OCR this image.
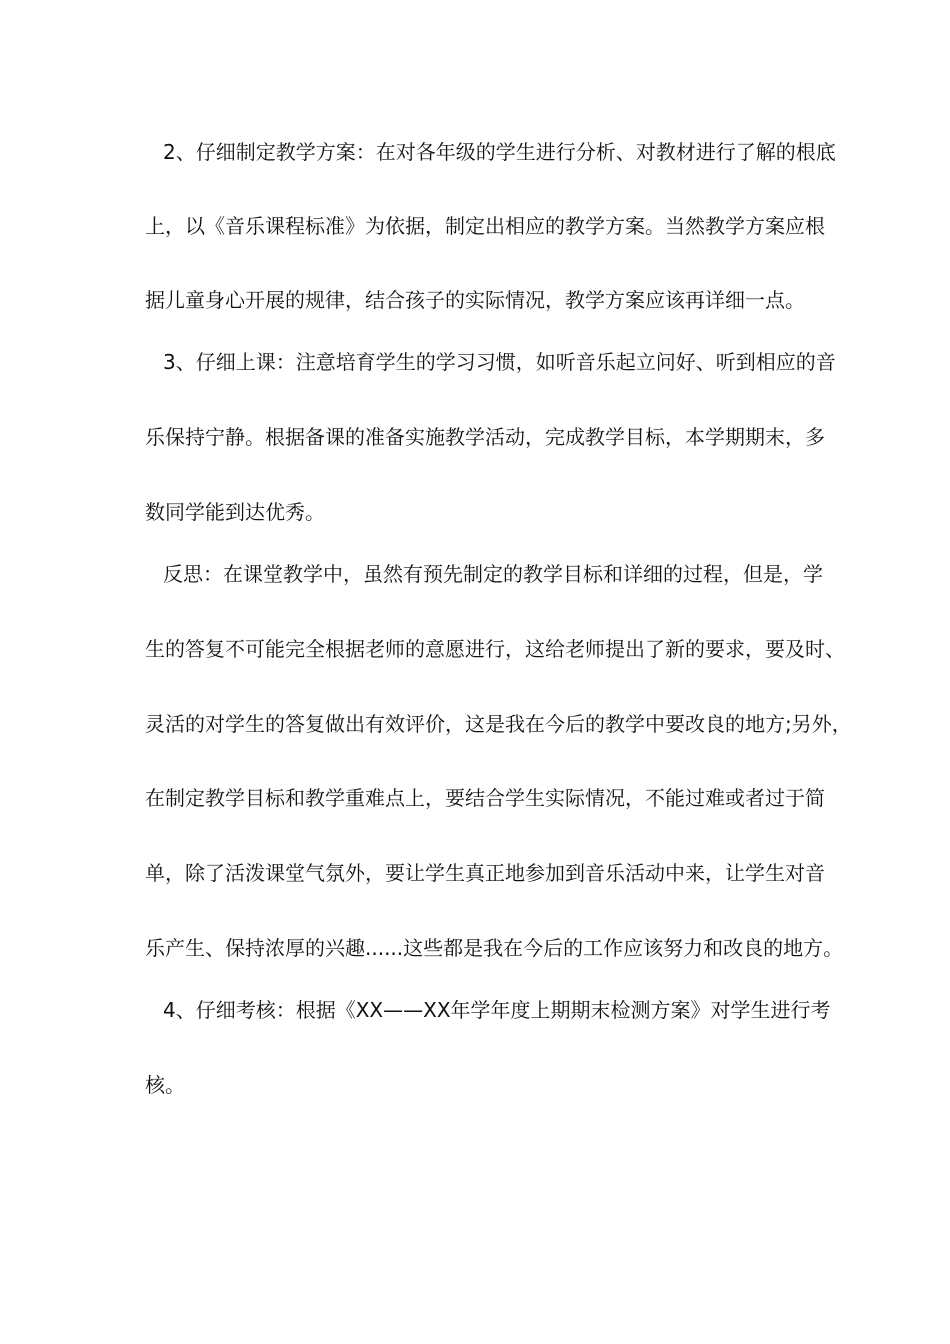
2、仔细制定教学方案：在对各年级的学生进行分析、对教材进行了解的根底
上，以《音乐课程标准》为依据，制定出相应的教学方案。当然教学方案应根
据儿童身心开展的规律，结合孩子的实际情况，教学方案应该再详细一点。
3、仔细上课：注意培育学生的学习习惯，如听音乐起立问好、听到相应的音
乐保持宁静。根据备课的准备实施教学活动，完成教学目标，本学期期末，多
数同学能到达优秀。
反思：在课堂教学中，虽然有预先制定的教学目标和详细的过程，但是，学
生的答复不可能完全根据老师的意愿进行，这给老师提出了新的要求，要及时、
灵活的对学生的答复做出有效评价，这是我在今后的教学中要改良的地方;另外，
在制定教学目标和教学重难点上，要结合学生实际情况，不能过难或者过于简
单，除了活泼课堂气氛外，要让学生真正地参加到音乐活动中来，让学生对音
乐产生、保持浓厚的兴趣......这些都是我在今后的工作应该努力和改良的地方。
4、仔细考核：根据《XX——XX年学年度上期期末检测方案》对学生进行考
核。
